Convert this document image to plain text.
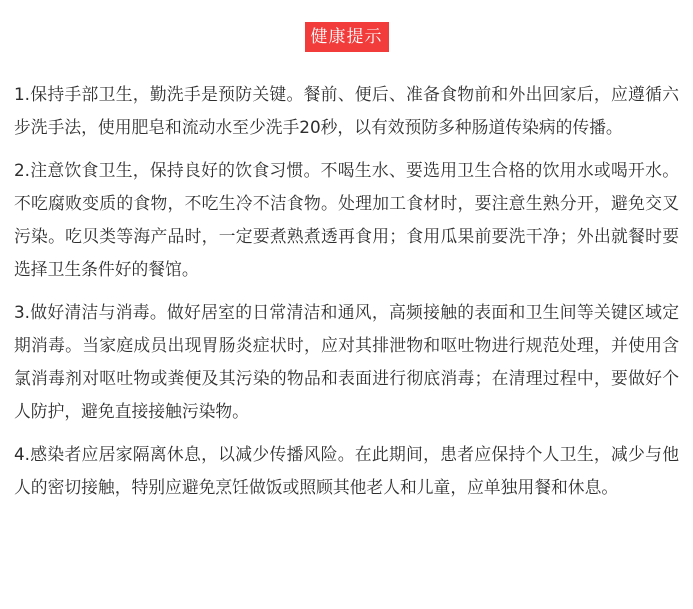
健康提示

1.保持手部卫生，勤洗手是预防关键。餐前、便后、准备食物前和外出回家后，应遵循六步洗手法，使用肥皂和流动水至少洗手20秒，以有效预防多种肠道传染病的传播。

2.注意饮食卫生，保持良好的饮食习惯。不喝生水、要选用卫生合格的饮用水或喝开水。不吃腐败变质的食物，不吃生冷不洁食物。处理加工食材时，要注意生熟分开，避免交叉污染。吃贝类等海产品时，一定要煮熟煮透再食用；食用瓜果前要洗干净；外出就餐时要选择卫生条件好的餐馆。

3.做好清洁与消毒。做好居室的日常清洁和通风，高频接触的表面和卫生间等关键区域定期消毒。当家庭成员出现胃肠炎症状时，应对其排泄物和呕吐物进行规范处理，并使用含氯消毒剂对呕吐物或粪便及其污染的物品和表面进行彻底消毒；在清理过程中，要做好个人防护，避免直接接触污染物。

4.感染者应居家隔离休息，以减少传播风险。在此期间，患者应保持个人卫生，减少与他人的密切接触，特别应避免烹饪做饭或照顾其他老人和儿童，应单独用餐和休息。
